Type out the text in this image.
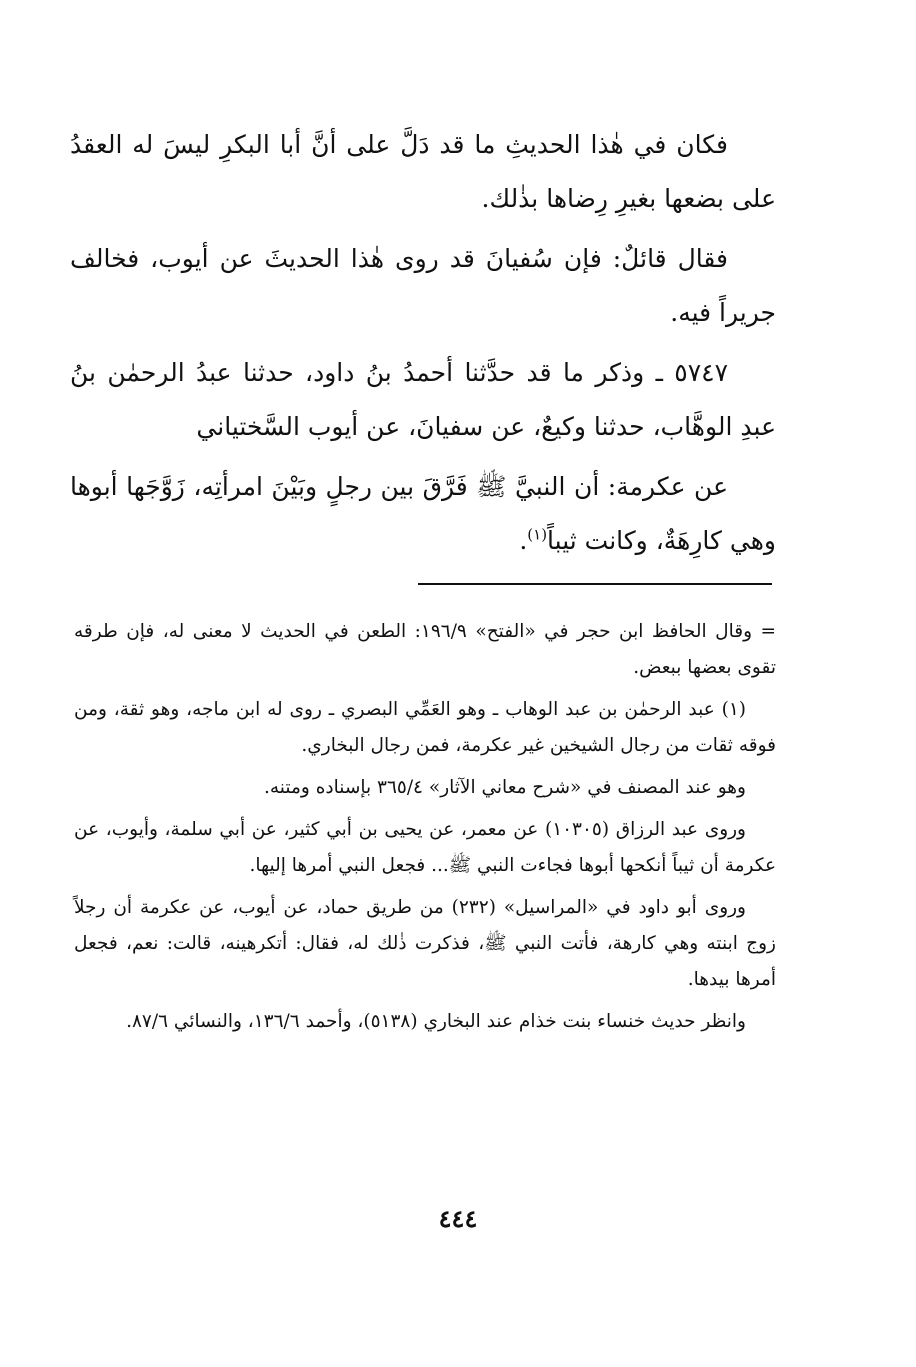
فكان في هٰذا الحديثِ ما قد دَلَّ على أنَّ أبا البكرِ ليسَ له العقدُ على بضعها بغيرِ رِضاها بذٰلك.

فقال قائلٌ: فإن سُفيانَ قد روى هٰذا الحديثَ عن أيوب، فخالف جريراً فيه.

٥٧٤٧ ـ وذكر ما قد حدَّثنا أحمدُ بنُ داود، حدثنا عبدُ الرحمٰن بنُ عبدِ الوهَّاب، حدثنا وكيعٌ، عن سفيانَ، عن أيوب السَّختياني

عن عكرمة: أن النبيَّ ﷺ فَرَّقَ بين رجلٍ وبَيْنَ امرأتِه، زَوَّجَها أبوها وهي كارِهَةٌ، وكانت ثيباً$^{(١)}$.

= وقال الحافظ ابن حجر في «الفتح» ١٩٦/٩: الطعن في الحديث لا معنى له، فإن طرقه تقوى بعضها ببعض.

(١) عبد الرحمٰن بن عبد الوهاب ـ وهو العَمِّي البصري ـ روى له ابن ماجه، وهو ثقة، ومن فوقه ثقات من رجال الشيخين غير عكرمة، فمن رجال البخاري.

وهو عند المصنف في «شرح معاني الآثار» ٣٦٥/٤ بإسناده ومتنه.

وروى عبد الرزاق (١٠٣٠٥) عن معمر، عن يحيى بن أبي كثير، عن أبي سلمة، وأيوب، عن عكرمة أن ثيباً أنكحها أبوها فجاءت النبي ﷺ... فجعل النبي أمرها إليها.

وروى أبو داود في «المراسيل» (٢٣٢) من طريق حماد، عن أيوب، عن عكرمة أن رجلاً زوج ابنته وهي كارهة، فأتت النبي ﷺ، فذكرت ذٰلك له، فقال: أتكرهينه، قالت: نعم، فجعل أمرها بيدها.

وانظر حديث خنساء بنت خذام عند البخاري (٥١٣٨)، وأحمد ١٣٦/٦، والنسائي ٨٧/٦.

٤٤٤
